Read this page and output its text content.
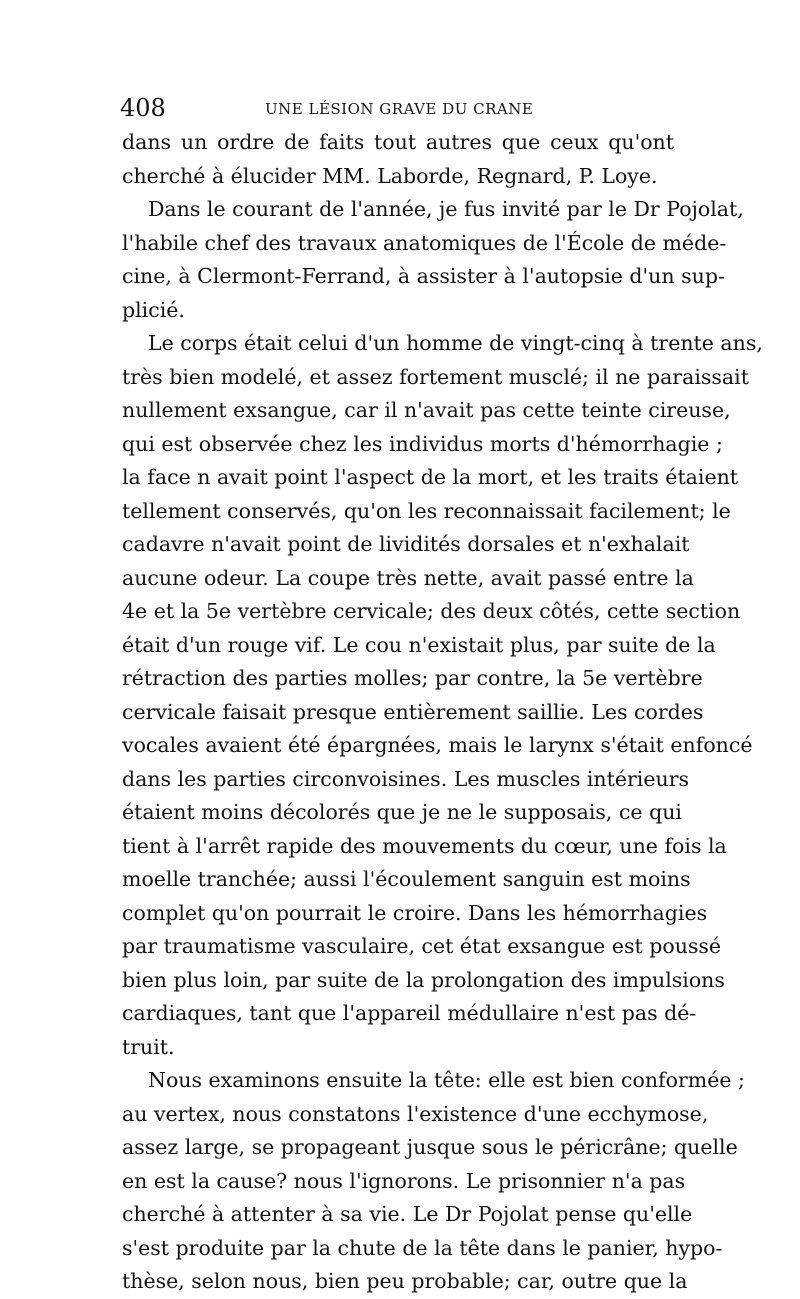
408	UNE LÉSION GRAVE DU CRANE
dans un ordre de faits tout autres que ceux qu'ont
cherché à élucider MM. Laborde, Regnard, P. Loye.
Dans le courant de l'année, je fus invité par le Dr Pojolat,
l'habile chef des travaux anatomiques de l'École de méde-
cine, à Clermont-Ferrand, à assister à l'autopsie d'un sup-
plicié.
Le corps était celui d'un homme de vingt-cinq à trente ans,
très bien modelé, et assez fortement musclé; il ne paraissait
nullement exsangue, car il n'avait pas cette teinte cireuse,
qui est observée chez les individus morts d'hémorrhagie ;
la face n avait point l'aspect de la mort, et les traits étaient
tellement conservés, qu'on les reconnaissait facilement; le
cadavre n'avait point de lividités dorsales et n'exhalait
aucune odeur. La coupe très nette, avait passé entre la
4e et la 5e vertèbre cervicale; des deux côtés, cette section
était d'un rouge vif. Le cou n'existait plus, par suite de la
rétraction des parties molles; par contre, la 5e vertèbre
cervicale faisait presque entièrement saillie. Les cordes
vocales avaient été épargnées, mais le larynx s'était enfoncé
dans les parties circonvoisines. Les muscles intérieurs
étaient moins décolorés que je ne le supposais, ce qui
tient à l'arrêt rapide des mouvements du cœur, une fois la
moelle tranchée; aussi l'écoulement sanguin est moins
complet qu'on pourrait le croire. Dans les hémorrhagies
par traumatisme vasculaire, cet état exsangue est poussé
bien plus loin, par suite de la prolongation des impulsions
cardiaques, tant que l'appareil médullaire n'est pas dé-
truit.
Nous examinons ensuite la tête: elle est bien conformée ;
au vertex, nous constatons l'existence d'une ecchymose,
assez large, se propageant jusque sous le péricrâne; quelle
en est la cause? nous l'ignorons. Le prisonnier n'a pas
cherché à attenter à sa vie. Le Dr Pojolat pense qu'elle
s'est produite par la chute de la tête dans le panier, hypo-
thèse, selon nous, bien peu probable; car, outre que la
